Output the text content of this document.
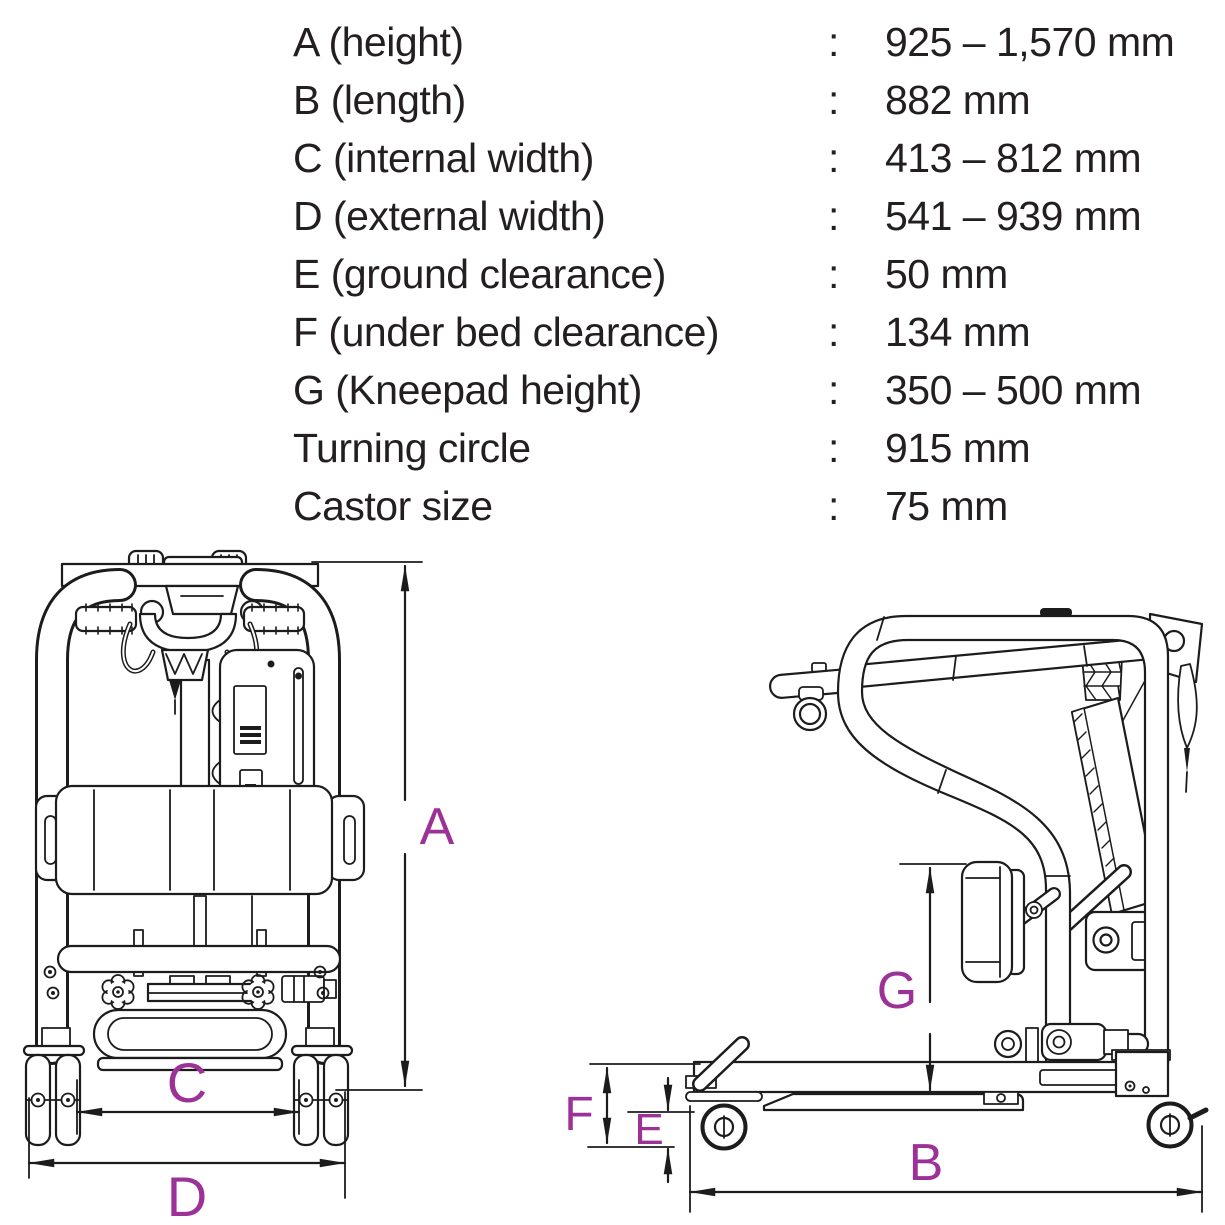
A (height)	:	925 – 1,570 mm
B (length)	:	882 mm
C (internal width)	:	413 – 812 mm
D (external width)	:	541 – 939 mm
E (ground clearance)	:	50 mm
F (under bed clearance)	:	134 mm
G (Kneepad height)	:	350 – 500 mm
Turning circle	:	915 mm
Castor size	:	75 mm
A
C
D
G
F E
B
